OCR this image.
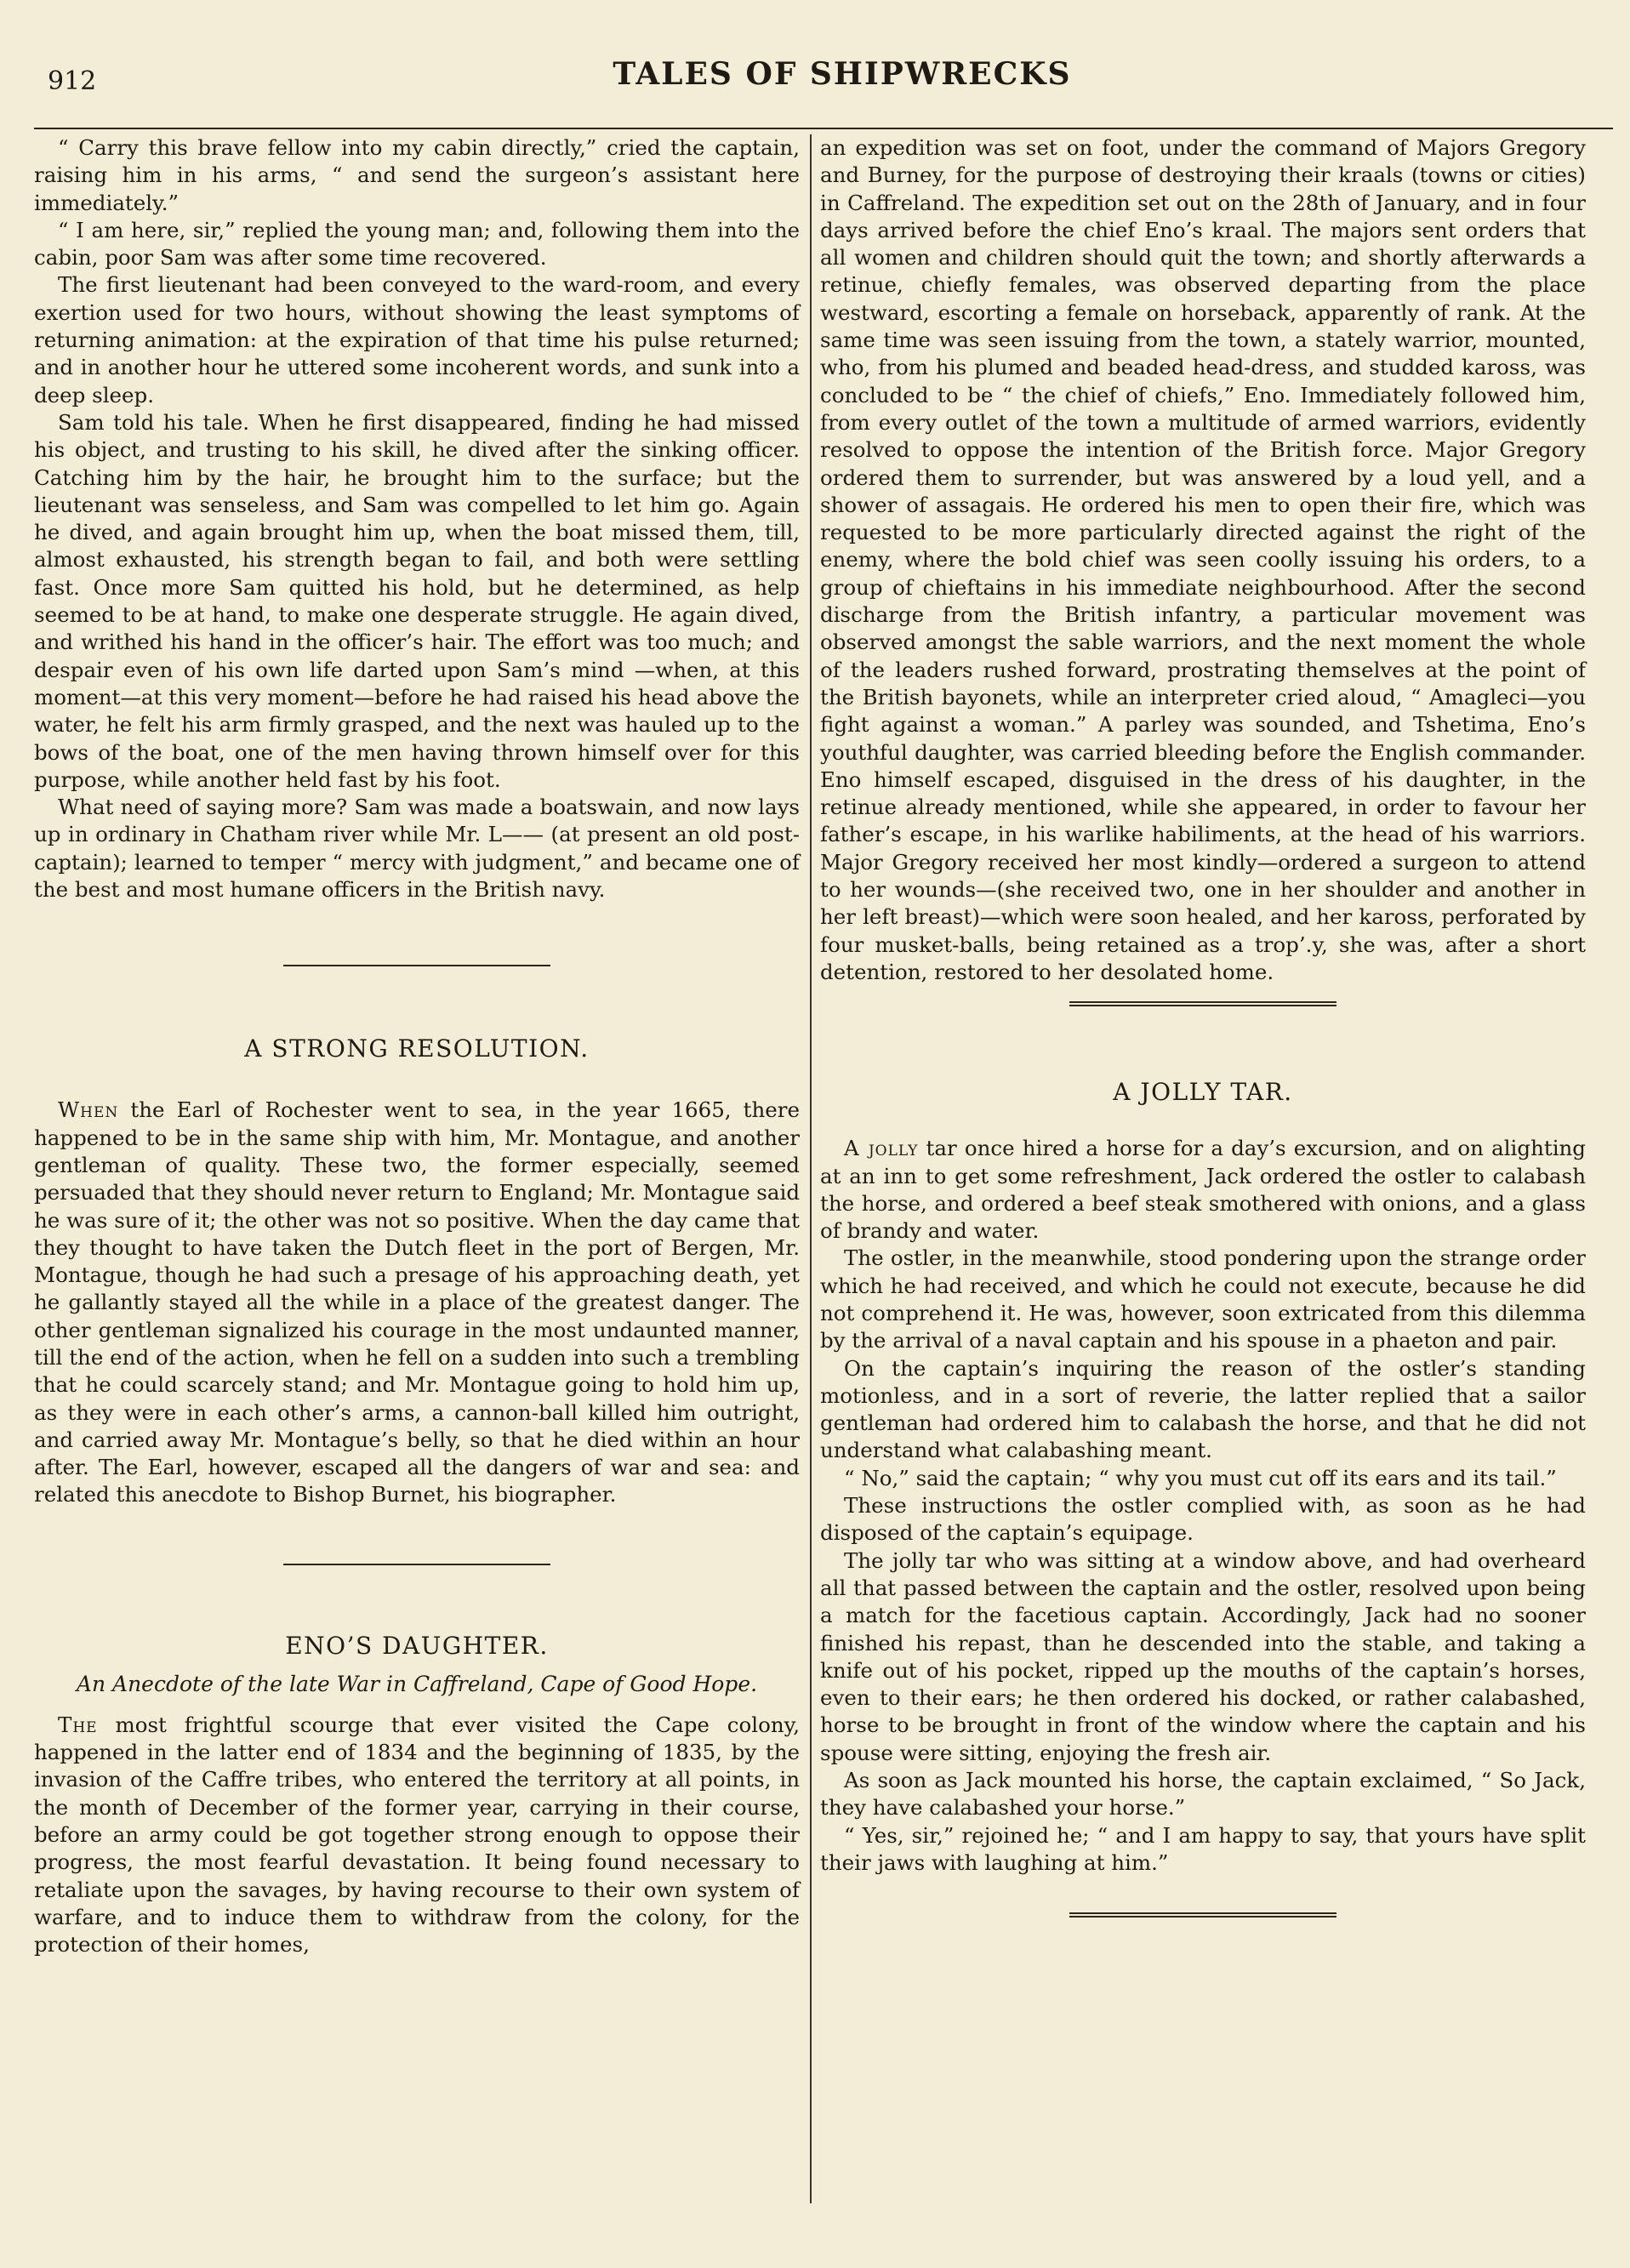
912	TALES OF SHIPWRECKS

“ Carry this brave fellow into my cabin directly,” cried the captain, raising him in his arms, “ and send the surgeon’s assistant here immediately.”

“ I am here, sir,” replied the young man; and, following them into the cabin, poor Sam was after some time recovered.

The first lieutenant had been conveyed to the ward-room, and every exertion used for two hours, without showing the least symptoms of returning animation: at the expiration of that time his pulse returned; and in another hour he uttered some incoherent words, and sunk into a deep sleep.

Sam told his tale. When he first disappeared, finding he had missed his object, and trusting to his skill, he dived after the sinking officer. Catching him by the hair, he brought him to the surface; but the lieutenant was senseless, and Sam was compelled to let him go. Again he dived, and again brought him up, when the boat missed them, till, almost exhausted, his strength began to fail, and both were settling fast. Once more Sam quitted his hold, but he determined, as help seemed to be at hand, to make one desperate struggle. He again dived, and writhed his hand in the officer’s hair. The effort was too much; and despair even of his own life darted upon Sam’s mind —when, at this moment—at this very moment—before he had raised his head above the water, he felt his arm firmly grasped, and the next was hauled up to the bows of the boat, one of the men having thrown himself over for this purpose, while another held fast by his foot.

What need of saying more? Sam was made a boatswain, and now lays up in ordinary in Chatham river while Mr. L—— (at present an old post-captain); learned to temper “ mercy with judgment,” and became one of the best and most humane officers in the British navy.

A STRONG RESOLUTION.

When the Earl of Rochester went to sea, in the year 1665, there happened to be in the same ship with him, Mr. Montague, and another gentleman of quality. These two, the former especially, seemed persuaded that they should never return to England; Mr. Montague said he was sure of it; the other was not so positive. When the day came that they thought to have taken the Dutch fleet in the port of Bergen, Mr. Montague, though he had such a presage of his approaching death, yet he gallantly stayed all the while in a place of the greatest danger. The other gentleman signalized his courage in the most undaunted manner, till the end of the action, when he fell on a sudden into such a trembling that he could scarcely stand; and Mr. Montague going to hold him up, as they were in each other’s arms, a cannon-ball killed him outright, and carried away Mr. Montague’s belly, so that he died within an hour after. The Earl, however, escaped all the dangers of war and sea: and related this anecdote to Bishop Burnet, his biographer.

ENO’S DAUGHTER.
An Anecdote of the late War in Caffreland, Cape of Good Hope.

The most frightful scourge that ever visited the Cape colony, happened in the latter end of 1834 and the beginning of 1835, by the invasion of the Caffre tribes, who entered the territory at all points, in the month of December of the former year, carrying in their course, before an army could be got together strong enough to oppose their progress, the most fearful devastation. It being found necessary to retaliate upon the savages, by having recourse to their own system of warfare, and to induce them to withdraw from the colony, for the protection of their homes,

an expedition was set on foot, under the command of Majors Gregory and Burney, for the purpose of destroying their kraals (towns or cities) in Caffreland. The expedition set out on the 28th of January, and in four days arrived before the chief Eno’s kraal. The majors sent orders that all women and children should quit the town; and shortly afterwards a retinue, chiefly females, was observed departing from the place westward, escorting a female on horseback, apparently of rank. At the same time was seen issuing from the town, a stately warrior, mounted, who, from his plumed and beaded head-dress, and studded kaross, was concluded to be “ the chief of chiefs,” Eno. Immediately followed him, from every outlet of the town a multitude of armed warriors, evidently resolved to oppose the intention of the British force. Major Gregory ordered them to surrender, but was answered by a loud yell, and a shower of assagais. He ordered his men to open their fire, which was requested to be more particularly directed against the right of the enemy, where the bold chief was seen coolly issuing his orders, to a group of chieftains in his immediate neighbourhood. After the second discharge from the British infantry, a particular movement was observed amongst the sable warriors, and the next moment the whole of the leaders rushed forward, prostrating themselves at the point of the British bayonets, while an interpreter cried aloud, “ Amagleci—you fight against a woman.” A parley was sounded, and Tshetima, Eno’s youthful daughter, was carried bleeding before the English commander. Eno himself escaped, disguised in the dress of his daughter, in the retinue already mentioned, while she appeared, in order to favour her father’s escape, in his warlike habiliments, at the head of his warriors. Major Gregory received her most kindly—ordered a surgeon to attend to her wounds—(she received two, one in her shoulder and another in her left breast)—which were soon healed, and her kaross, perforated by four musket-balls, being retained as a trop’.y, she was, after a short detention, restored to her desolated home.

A JOLLY TAR.

A jolly tar once hired a horse for a day’s excursion, and on alighting at an inn to get some refreshment, Jack ordered the ostler to calabash the horse, and ordered a beef steak smothered with onions, and a glass of brandy and water.

The ostler, in the meanwhile, stood pondering upon the strange order which he had received, and which he could not execute, because he did not comprehend it. He was, however, soon extricated from this dilemma by the arrival of a naval captain and his spouse in a phaeton and pair.

On the captain’s inquiring the reason of the ostler’s standing motionless, and in a sort of reverie, the latter replied that a sailor gentleman had ordered him to calabash the horse, and that he did not understand what calabashing meant.

“ No,” said the captain; “ why you must cut off its ears and its tail.”

These instructions the ostler complied with, as soon as he had disposed of the captain’s equipage.

The jolly tar who was sitting at a window above, and had overheard all that passed between the captain and the ostler, resolved upon being a match for the facetious captain. Accordingly, Jack had no sooner finished his repast, than he descended into the stable, and taking a knife out of his pocket, ripped up the mouths of the captain’s horses, even to their ears; he then ordered his docked, or rather calabashed, horse to be brought in front of the window where the captain and his spouse were sitting, enjoying the fresh air.

As soon as Jack mounted his horse, the captain exclaimed, “ So Jack, they have calabashed your horse.”

“ Yes, sir,” rejoined he; “ and I am happy to say, that yours have split their jaws with laughing at him.”
